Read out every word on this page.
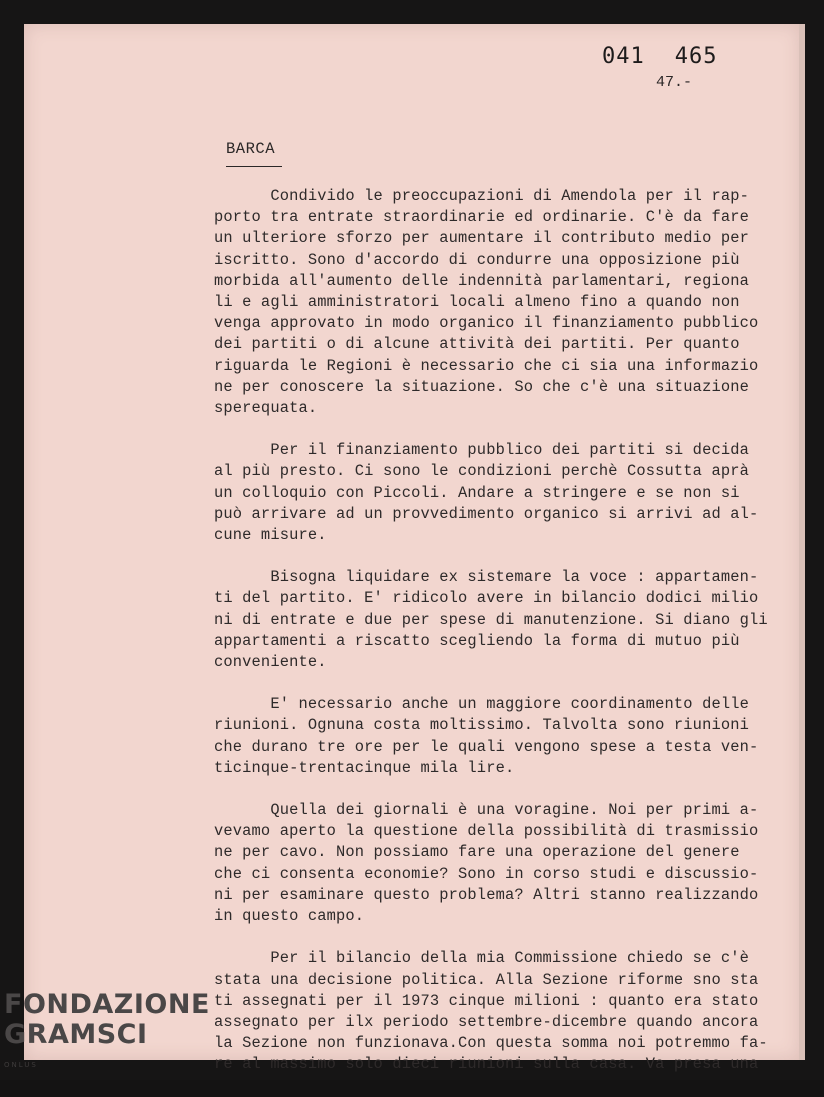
041 465
47.-
BARCA
Condivido le preoccupazioni di Amendola per il rap-
porto tra entrate straordinarie ed ordinarie. C'è da fare
un ulteriore sforzo per aumentare il contributo medio per
iscritto. Sono d'accordo di condurre una opposizione più
morbida all'aumento delle indennità parlamentari, regiona
li e agli amministratori locali almeno fino a quando non
venga approvato in modo organico il finanziamento pubblico
dei partiti o di alcune attività dei partiti. Per quanto
riguarda le Regioni è necessario che ci sia una informazio
ne per conoscere la situazione. So che c'è una situazione
sperequata.
Per il finanziamento pubblico dei partiti si decida
al più presto. Ci sono le condizioni perchè Cossutta aprà
un colloquio con Piccoli. Andare a stringere e se non si
può arrivare ad un provvedimento organico si arrivi ad al-
cune misure.
Bisogna liquidare ex sistemare la voce : appartamen-
ti del partito. E' ridicolo avere in bilancio dodici milio
ni di entrate e due per spese di manutenzione. Si diano gli
appartamenti a riscatto scegliendo la forma di mutuo più
conveniente.
E' necessario anche un maggiore coordinamento delle
riunioni. Ognuna costa moltissimo. Talvolta sono riunioni
che durano tre ore per le quali vengono spese a testa ven-
ticinque-trentacinque mila lire.
Quella dei giornali è una voragine. Noi per primi a-
vevamo aperto la questione della possibilità di trasmissio
ne per cavo. Non possiamo fare una operazione del genere
che ci consenta economie? Sono in corso studi e discussio-
ni per esaminare questo problema? Altri stanno realizzando
in questo campo.
Per il bilancio della mia Commissione chiedo se c'è
stata una decisione politica. Alla Sezione riforme sno sta
ti assegnati per il 1973 cinque milioni : quanto era stato
assegnato per ilx periodo settembre-dicembre quando ancora
la Sezione non funzionava.Con questa somma noi potremmo fa-
re al massimo solo dieci riunioni sulla casa. Va presa una
FONDAZIONE
GRAMSCI
ONLUS
